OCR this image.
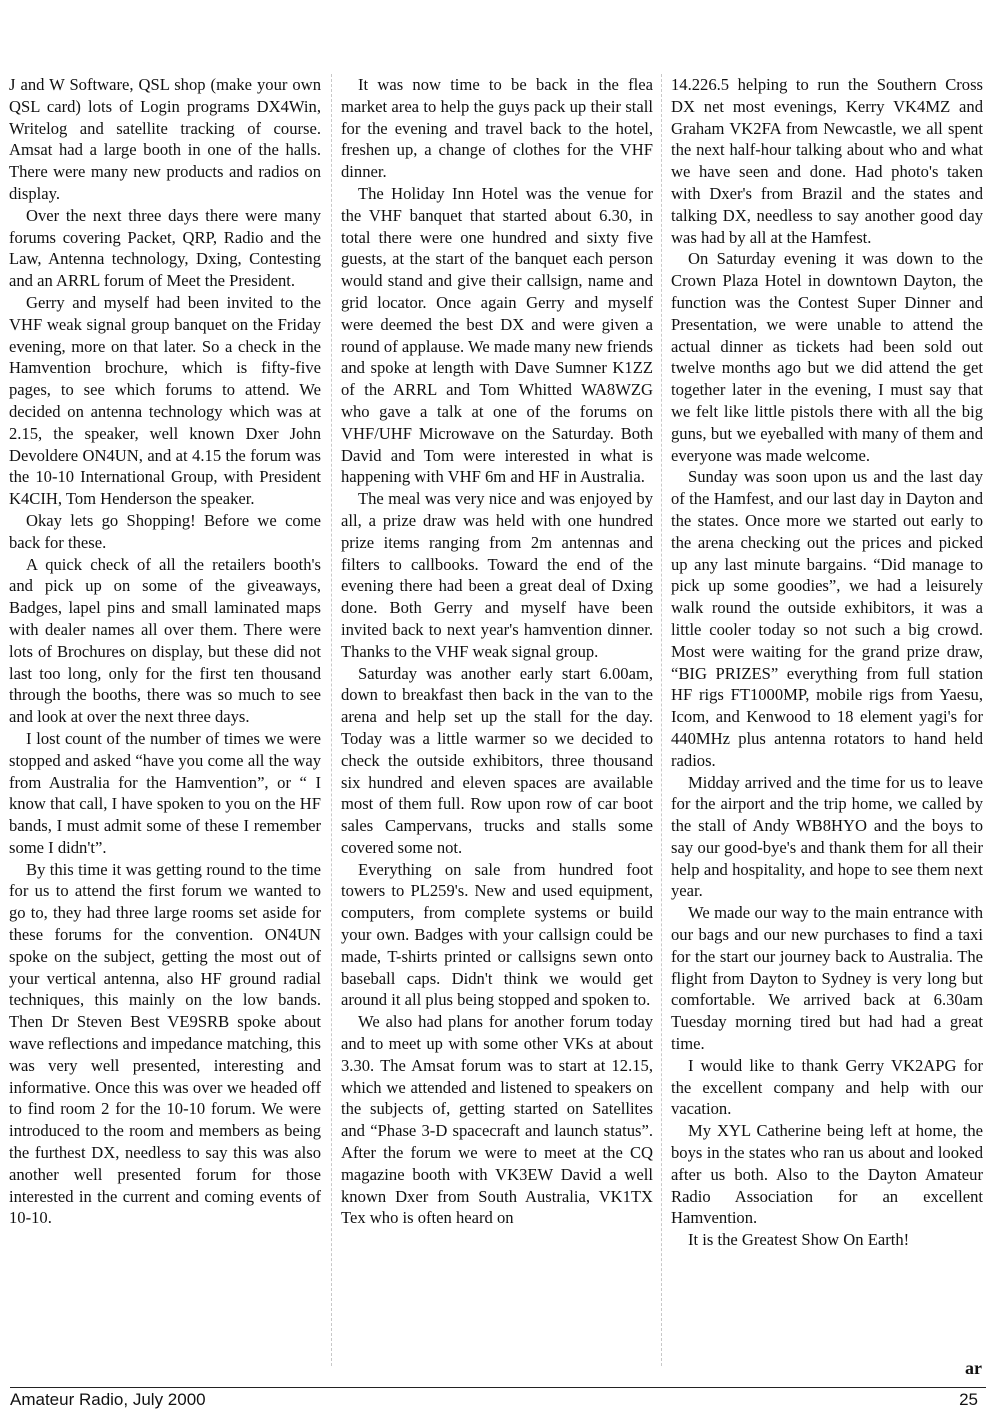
J and W Software, QSL shop (make your own QSL card) lots of Login programs DX4Win, Writelog and satellite tracking of course. Amsat had a large booth in one of the halls. There were many new products and radios on display.

Over the next three days there were many forums covering Packet, QRP, Radio and the Law, Antenna technology, Dxing, Contesting and an ARRL forum of Meet the President.

Gerry and myself had been invited to the VHF weak signal group banquet on the Friday evening, more on that later. So a check in the Hamvention brochure, which is fifty-five pages, to see which forums to attend. We decided on antenna technology which was at 2.15, the speaker, well known Dxer John Devoldere ON4UN, and at 4.15 the forum was the 10-10 International Group, with President K4CIH, Tom Henderson the speaker.

Okay lets go Shopping! Before we come back for these.

A quick check of all the retailers booth's and pick up on some of the giveaways, Badges, lapel pins and small laminated maps with dealer names all over them. There were lots of Brochures on display, but these did not last too long, only for the first ten thousand through the booths, there was so much to see and look at over the next three days.

I lost count of the number of times we were stopped and asked “have you come all the way from Australia for the Hamvention”, or “ I know that call, I have spoken to you on the HF bands, I must admit some of these I remember some I didn't”.

By this time it was getting round to the time for us to attend the first forum we wanted to go to, they had three large rooms set aside for these forums for the convention. ON4UN spoke on the subject, getting the most out of your vertical antenna, also HF ground radial techniques, this mainly on the low bands. Then Dr Steven Best VE9SRB spoke about wave reflections and impedance matching, this was very well presented, interesting and informative. Once this was over we headed off to find room 2 for the 10-10 forum. We were introduced to the room and members as being the furthest DX, needless to say this was also another well presented forum for those interested in the current and coming events of 10-10.

It was now time to be back in the flea market area to help the guys pack up their stall for the evening and travel back to the hotel, freshen up, a change of clothes for the VHF dinner.

The Holiday Inn Hotel was the venue for the VHF banquet that started about 6.30, in total there were one hundred and sixty five guests, at the start of the banquet each person would stand and give their callsign, name and grid locator. Once again Gerry and myself were deemed the best DX and were given a round of applause. We made many new friends and spoke at length with Dave Sumner K1ZZ of the ARRL and Tom Whitted WA8WZG who gave a talk at one of the forums on VHF/UHF Microwave on the Saturday. Both David and Tom were interested in what is happening with VHF 6m and HF in Australia.

The meal was very nice and was enjoyed by all, a prize draw was held with one hundred prize items ranging from 2m antennas and filters to callbooks. Toward the end of the evening there had been a great deal of Dxing done. Both Gerry and myself have been invited back to next year's hamvention dinner. Thanks to the VHF weak signal group.

Saturday was another early start 6.00am, down to breakfast then back in the van to the arena and help set up the stall for the day. Today was a little warmer so we decided to check the outside exhibitors, three thousand six hundred and eleven spaces are available most of them full. Row upon row of car boot sales Campervans, trucks and stalls some covered some not.

Everything on sale from hundred foot towers to PL259's. New and used equipment, computers, from complete systems or build your own. Badges with your callsign could be made, T-shirts printed or callsigns sewn onto baseball caps. Didn't think we would get around it all plus being stopped and spoken to.

We also had plans for another forum today and to meet up with some other VKs at about 3.30. The Amsat forum was to start at 12.15, which we attended and listened to speakers on the subjects of, getting started on Satellites and “Phase 3-D spacecraft and launch status”. After the forum we were to meet at the CQ magazine booth with VK3EW David a well known Dxer from South Australia, VK1TX Tex who is often heard on

14.226.5 helping to run the Southern Cross DX net most evenings, Kerry VK4MZ and Graham VK2FA from Newcastle, we all spent the next half-hour talking about who and what we have seen and done. Had photo's taken with Dxer's from Brazil and the states and talking DX, needless to say another good day was had by all at the Hamfest.

On Saturday evening it was down to the Crown Plaza Hotel in downtown Dayton, the function was the Contest Super Dinner and Presentation, we were unable to attend the actual dinner as tickets had been sold out twelve months ago but we did attend the get together later in the evening, I must say that we felt like little pistols there with all the big guns, but we eyeballed with many of them and everyone was made welcome.

Sunday was soon upon us and the last day of the Hamfest, and our last day in Dayton and the states. Once more we started out early to the arena checking out the prices and picked up any last minute bargains. “Did manage to pick up some goodies”, we had a leisurely walk round the outside exhibitors, it was a little cooler today so not such a big crowd. Most were waiting for the grand prize draw, “BIG PRIZES” everything from full station HF rigs FT1000MP, mobile rigs from Yaesu, Icom, and Kenwood to 18 element yagi's for 440MHz plus antenna rotators to hand held radios.

Midday arrived and the time for us to leave for the airport and the trip home, we called by the stall of Andy WB8HYO and the boys to say our good-bye's and thank them for all their help and hospitality, and hope to see them next year.

We made our way to the main entrance with our bags and our new purchases to find a taxi for the start our journey back to Australia. The flight from Dayton to Sydney is very long but comfortable. We arrived back at 6.30am Tuesday morning tired but had had a great time.

I would like to thank Gerry VK2APG for the excellent company and help with our vacation.

My XYL Catherine being left at home, the boys in the states who ran us about and looked after us both. Also to the Dayton Amateur Radio Association for an excellent Hamvention.

It is the Greatest Show On Earth!

ar
Amateur Radio, July 2000	25
